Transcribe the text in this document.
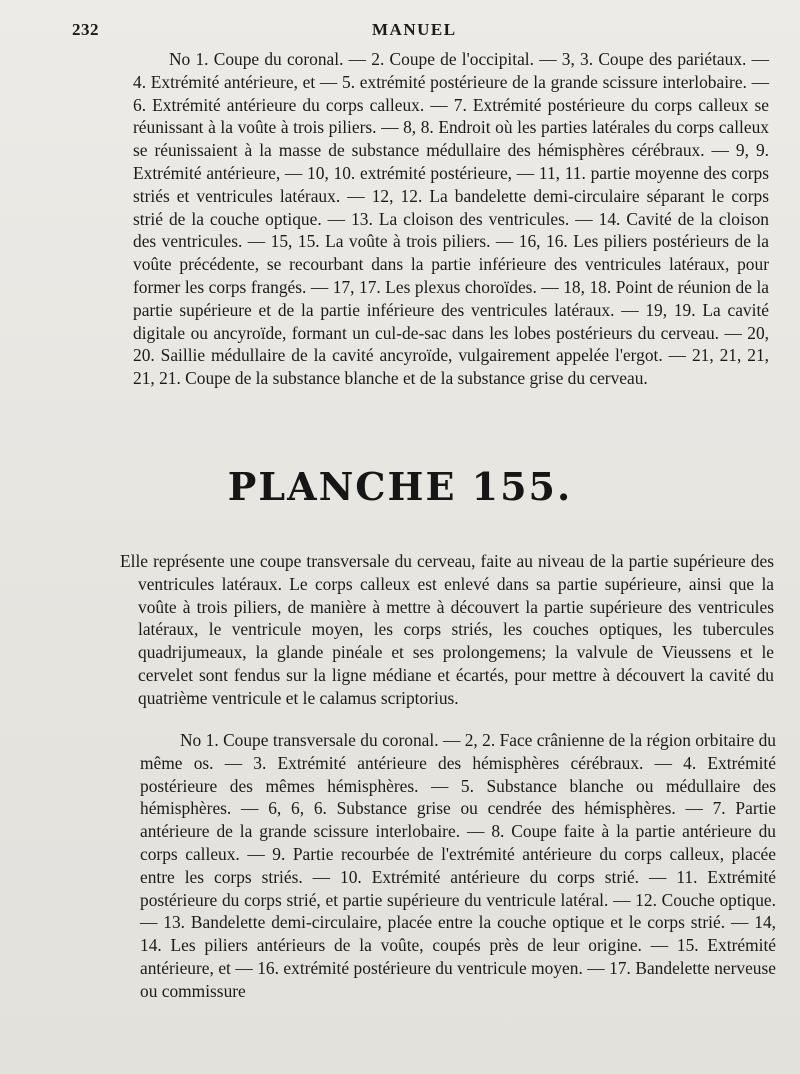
232	MANUEL

No 1. Coupe du coronal. — 2. Coupe de l'occipital. — 3, 3. Coupe des pariétaux. — 4. Extrémité antérieure, et — 5. extrémité postérieure de la grande scissure interlobaire. — 6. Extrémité antérieure du corps calleux. — 7. Extrémité postérieure du corps calleux se réunissant à la voûte à trois piliers. — 8, 8. Endroit où les parties latérales du corps calleux se réunissaient à la masse de substance médullaire des hémisphères cérébraux. — 9, 9. Extrémité antérieure, — 10, 10. extrémité postérieure, — 11, 11. partie moyenne des corps striés et ventricules latéraux. — 12, 12. La bandelette demi-circulaire séparant le corps strié de la couche optique. — 13. La cloison des ventricules. — 14. Cavité de la cloison des ventricules. — 15, 15. La voûte à trois piliers. — 16, 16. Les piliers postérieurs de la voûte précédente, se recourbant dans la partie inférieure des ventricules latéraux, pour former les corps frangés. — 17, 17. Les plexus choroïdes. — 18, 18. Point de réunion de la partie supérieure et de la partie inférieure des ventricules latéraux. — 19, 19. La cavité digitale ou ancyroïde, formant un cul-de-sac dans les lobes postérieurs du cerveau. — 20, 20. Saillie médullaire de la cavité ancyroïde, vulgairement appelée l'ergot. — 21, 21, 21, 21, 21. Coupe de la substance blanche et de la substance grise du cerveau.

PLANCHE 155.

Elle représente une coupe transversale du cerveau, faite au niveau de la partie supérieure des ventricules latéraux. Le corps calleux est enlevé dans sa partie supérieure, ainsi que la voûte à trois piliers, de manière à mettre à découvert la partie supérieure des ventricules latéraux, le ventricule moyen, les corps striés, les couches optiques, les tubercules quadrijumeaux, la glande pinéale et ses prolongemens; la valvule de Vieussens et le cervelet sont fendus sur la ligne médiane et écartés, pour mettre à découvert la cavité du quatrième ventricule et le calamus scriptorius.

No 1. Coupe transversale du coronal. — 2, 2. Face crânienne de la région orbitaire du même os. — 3. Extrémité antérieure des hémisphères cérébraux. — 4. Extrémité postérieure des mêmes hémisphères. — 5. Substance blanche ou médullaire des hémisphères. — 6, 6, 6. Substance grise ou cendrée des hémisphères. — 7. Partie antérieure de la grande scissure interlobaire. — 8. Coupe faite à la partie antérieure du corps calleux. — 9. Partie recourbée de l'extrémité antérieure du corps calleux, placée entre les corps striés. — 10. Extrémité antérieure du corps strié. — 11. Extrémité postérieure du corps strié, et partie supérieure du ventricule latéral. — 12. Couche optique. — 13. Bandelette demi-circulaire, placée entre la couche optique et le corps strié. — 14, 14. Les piliers antérieurs de la voûte, coupés près de leur origine. — 15. Extrémité antérieure, et — 16. extrémité postérieure du ventricule moyen. — 17. Bandelette nerveuse ou commissure
